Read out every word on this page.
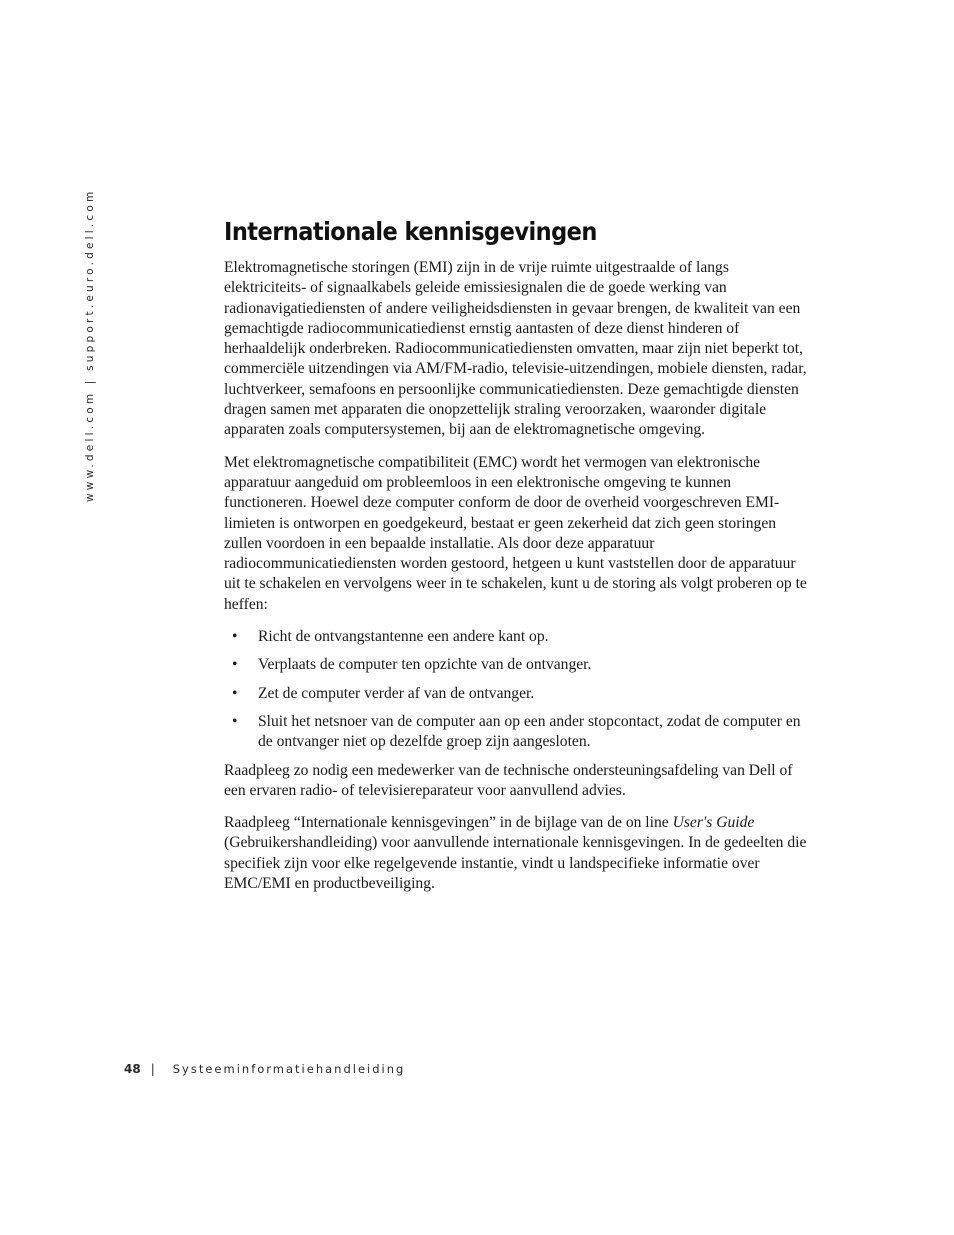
www.dell.com | support.euro.dell.com	Internationale kennisgevingen

Elektromagnetische storingen (EMI) zijn in de vrije ruimte uitgestraalde of langs elektriciteits- of signaalkabels geleide emissiesignalen die de goede werking van radionavigatiediensten of andere veiligheidsdiensten in gevaar brengen, de kwaliteit van een gemachtigde radiocommunicatiedienst ernstig aantasten of deze dienst hinderen of herhaaldelijk onderbreken. Radiocommunicatiediensten omvatten, maar zijn niet beperkt tot, commerciële uitzendingen via AM/FM-radio, televisie-uitzendingen, mobiele diensten, radar, luchtverkeer, semafoons en persoonlijke communicatiediensten. Deze gemachtigde diensten dragen samen met apparaten die onopzettelijk straling veroorzaken, waaronder digitale apparaten zoals computersystemen, bij aan de elektromagnetische omgeving.

Met elektromagnetische compatibiliteit (EMC) wordt het vermogen van elektronische apparatuur aangeduid om probleemloos in een elektronische omgeving te kunnen functioneren. Hoewel deze computer conform de door de overheid voorgeschreven EMI-limieten is ontworpen en goedgekeurd, bestaat er geen zekerheid dat zich geen storingen zullen voordoen in een bepaalde installatie. Als door deze apparatuur radiocommunicatiediensten worden gestoord, hetgeen u kunt vaststellen door de apparatuur uit te schakelen en vervolgens weer in te schakelen, kunt u de storing als volgt proberen op te heffen:

• Richt de ontvangstantenne een andere kant op.
• Verplaats de computer ten opzichte van de ontvanger.
• Zet de computer verder af van de ontvanger.
• Sluit het netsnoer van de computer aan op een ander stopcontact, zodat de computer en de ontvanger niet op dezelfde groep zijn aangesloten.

Raadpleeg zo nodig een medewerker van de technische ondersteuningsafdeling van Dell of een ervaren radio- of televisiereparateur voor aanvullend advies.

Raadpleeg “Internationale kennisgevingen” in de bijlage van de on line User's Guide (Gebruikershandleiding) voor aanvullende internationale kennisgevingen. In de gedeelten die specifiek zijn voor elke regelgevende instantie, vindt u landspecifieke informatie over EMC/EMI en productbeveiliging.

48 | Systeeminformatiehandleiding
